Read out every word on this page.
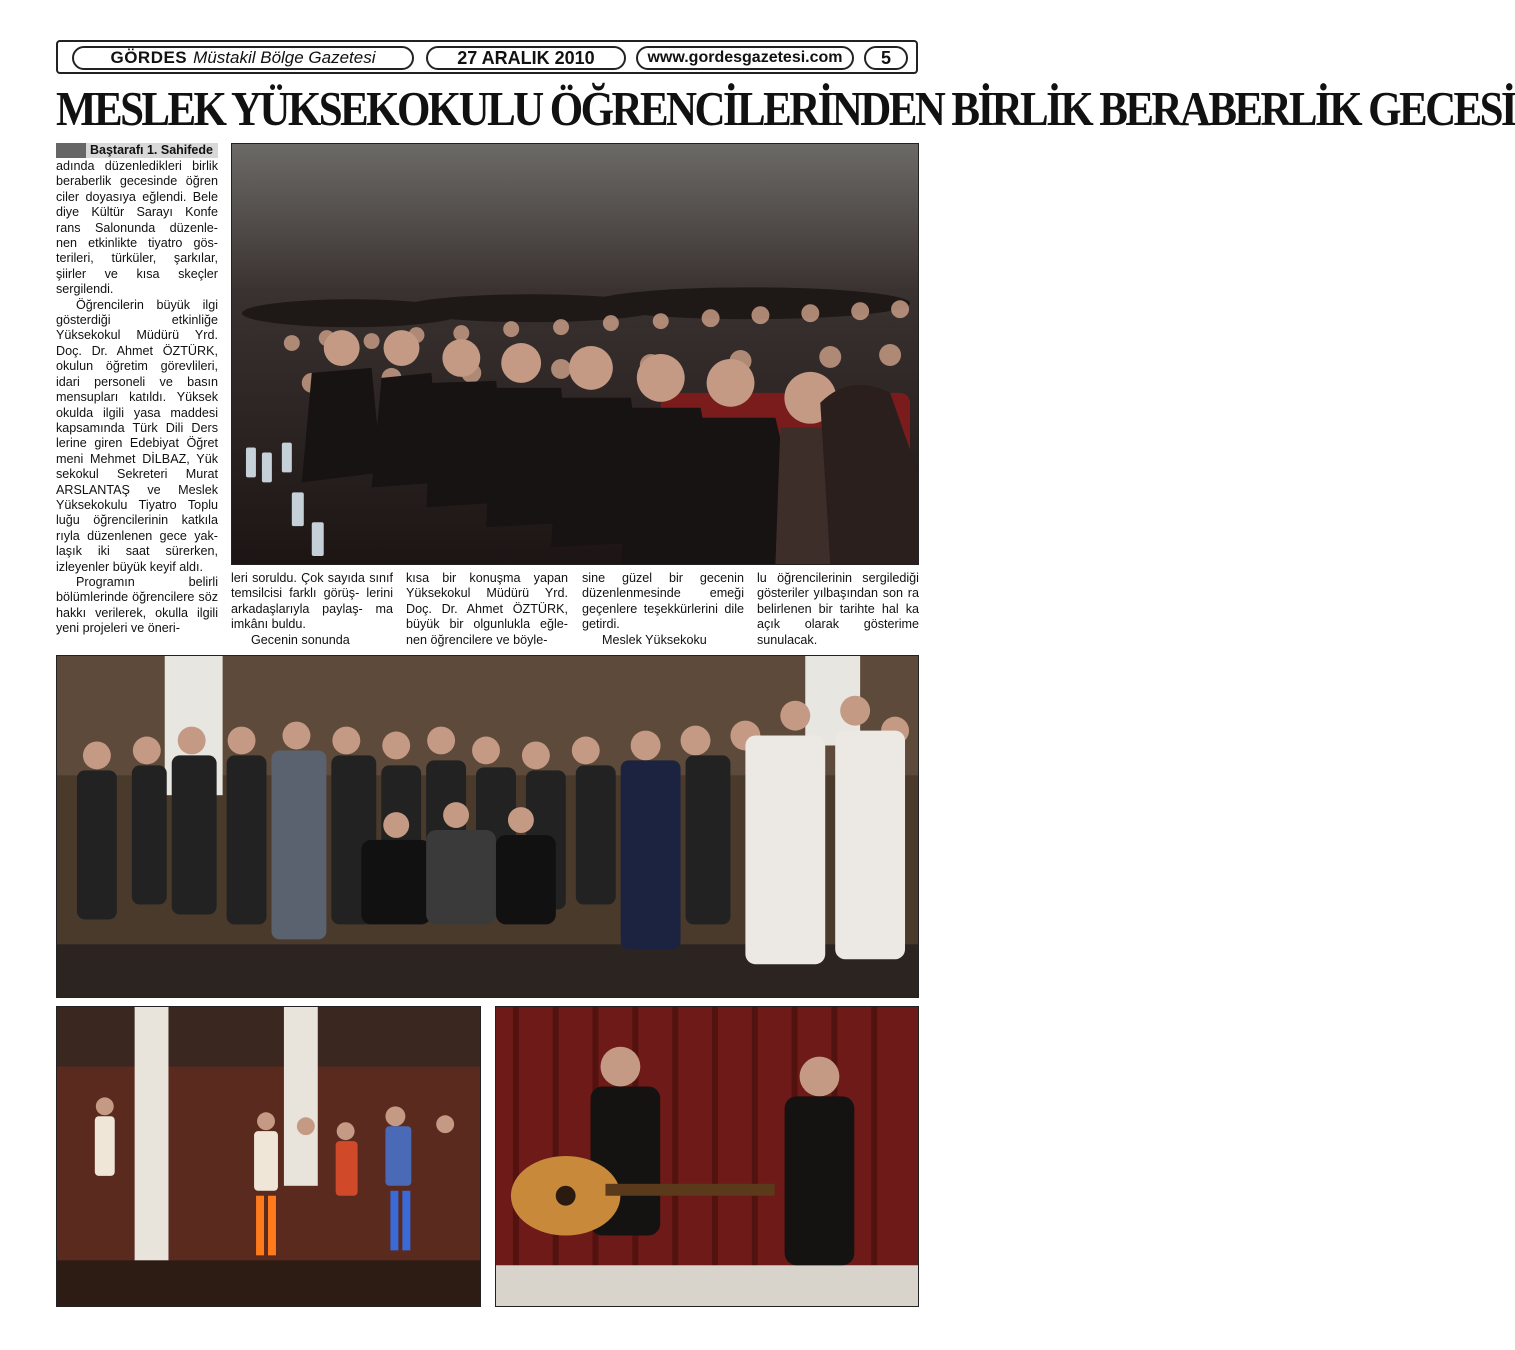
GÖRDES Müstakil Bölge Gazetesi	27 ARALIK 2010	www.gordesgazetesi.com	5
MESLEK YÜKSEKOKULU ÖĞRENCİLERİNDEN BİRLİK BERABERLİK GECESİ
Baştarafı 1. Sahifede

adında düzenledikleri birlik beraberlik gecesinde öğren ciler doyasıya eğlendi. Bele diye Kültür Sarayı Konfe rans Salonunda düzenle- nen etkinlikte tiyatro gös- terileri, türküler, şarkılar, şiirler ve kısa skeçler sergilendi.

Öğrencilerin büyük ilgi gösterdiği etkinliğe Yüksekokul Müdürü Yrd. Doç. Dr. Ahmet ÖZTÜRK, okulun öğretim görevlileri, idari personeli ve basın mensupları katıldı. Yüksek okulda ilgili yasa maddesi kapsamında Türk Dili Ders lerine giren Edebiyat Öğret meni Mehmet DİLBAZ, Yük sekokul Sekreteri Murat ARSLANTAŞ ve Meslek Yüksekokulu Tiyatro Toplu luğu öğrencilerinin katkıla rıyla düzenlenen gece yak- laşık iki saat sürerken, izleyenler büyük keyif aldı.

Programın belirli bölümlerinde öğrencilere söz hakkı verilerek, okulla ilgili yeni projeleri ve öneri-

leri soruldu. Çok sayıda sınıf temsilcisi farklı görüş- lerini arkadaşlarıyla paylaş- ma imkânı buldu.

Gecenin sonunda

kısa bir konuşma yapan Yüksekokul Müdürü Yrd. Doç. Dr. Ahmet ÖZTÜRK, büyük bir olgunlukla eğle- nen öğrencilere ve böyle-

sine güzel bir gecenin düzenlenmesinde emeği geçenlere teşekkürlerini dile getirdi.

Meslek Yüksekoku

lu öğrencilerinin sergilediği gösteriler yılbaşından son ra belirlenen bir tarihte hal ka açık olarak gösterime sunulacak.
